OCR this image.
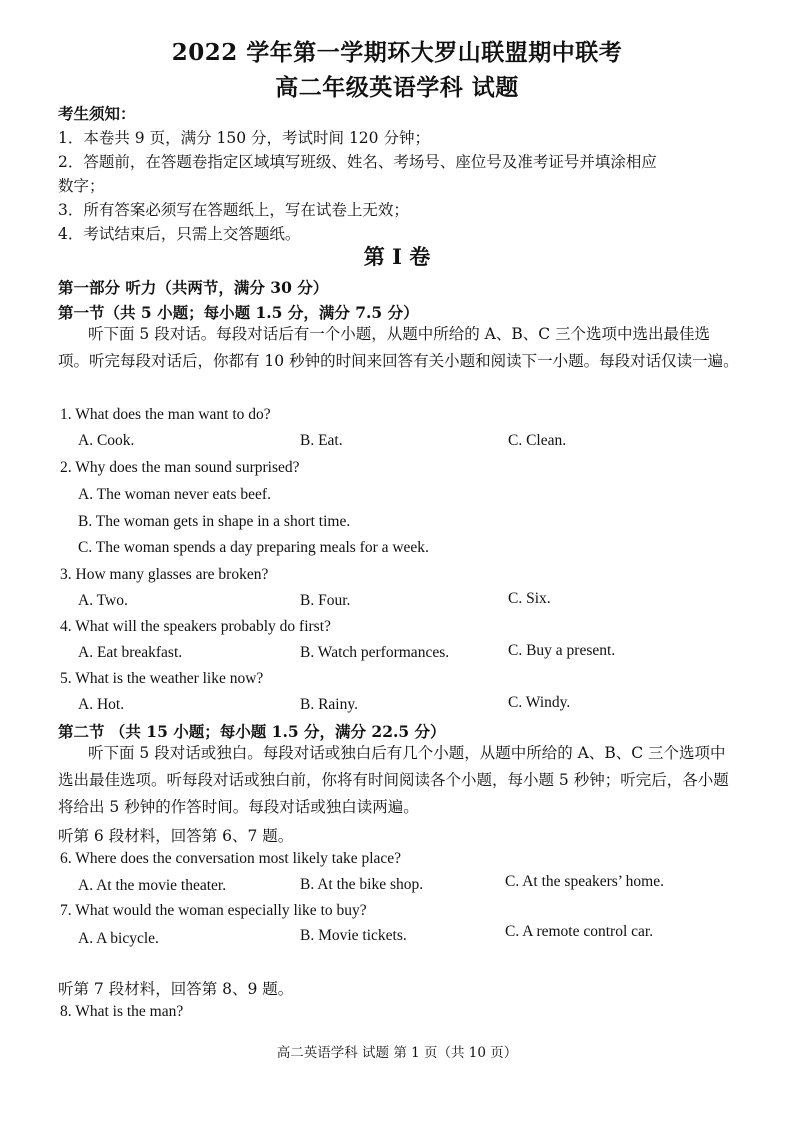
2022 学年第一学期环大罗山联盟期中联考
高二年级英语学科 试题
考生须知：
1．本卷共 9 页，满分 150 分，考试时间 120 分钟；
2．答题前，在答题卷指定区域填写班级、姓名、考场号、座位号及准考证号并填涂相应
数字；
3．所有答案必须写在答题纸上，写在试卷上无效；
4．考试结束后，只需上交答题纸。
第 I 卷
第一部分 听力（共两节，满分 30 分）
第一节（共 5 小题；每小题 1.5 分，满分 7.5 分）
听下面 5 段对话。每段对话后有一个小题，从题中所给的 A、B、C 三个选项中选出最佳选项。听完每段对话后，你都有 10 秒钟的时间来回答有关小题和阅读下一小题。每段对话仅读一遍。
1. What does the man want to do?
A. Cook.	B. Eat.	C. Clean.
2. Why does the man sound surprised?
A. The woman never eats beef.
B. The woman gets in shape in a short time.
C. The woman spends a day preparing meals for a week.
3. How many glasses are broken?
A. Two.	B. Four.	C. Six.
4. What will the speakers probably do first?
A. Eat breakfast.	B. Watch performances.	C. Buy a present.
5. What is the weather like now?
A. Hot.	B. Rainy.	C. Windy.
第二节 （共 15 小题；每小题 1.5 分，满分 22.5 分）
听下面 5 段对话或独白。每段对话或独白后有几个小题，从题中所给的 A、B、C 三个选项中选出最佳选项。听每段对话或独白前，你将有时间阅读各个小题，每小题 5 秒钟；听完后，各小题将给出 5 秒钟的作答时间。每段对话或独白读两遍。
听第 6 段材料，回答第 6、7 题。
6. Where does the conversation most likely take place?
A. At the movie theater.	B. At the bike shop.	C. At the speakers’ home.
7. What would the woman especially like to buy?
A. A bicycle.	B. Movie tickets.	C. A remote control car.
听第 7 段材料，回答第 8、9 题。
8. What is the man?
高二英语学科 试题 第 1 页（共 10 页）
